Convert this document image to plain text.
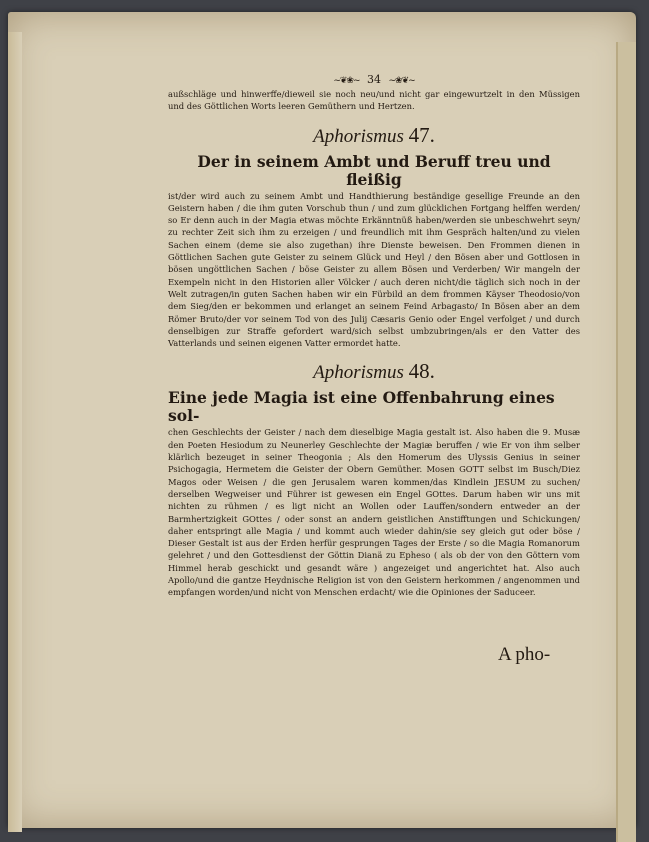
~❦❀~ 34 ~❀❦~

außschläge und hinwerffe/dieweil sie noch neu/und nicht gar eingewurtzelt in den Müssigen und des Göttlichen Worts leeren Gemüthern und Hertzen.

Aphorismus 47.
Der in seinem Ambt und Beruff treu und fleißig

ist/der wird auch zu seinem Ambt und Handthierung beständige gesellige Freunde an den Geistern haben / die ihm guten Vorschub thun / und zum glücklichen Fortgang helffen werden/ so Er denn auch in der Magia etwas möchte Erkänntnüß haben/werden sie unbeschwehrt seyn/ zu rechter Zeit sich ihm zu erzeigen / und freundlich mit ihm Gespräch halten/und zu vielen Sachen einem (deme sie also zugethan) ihre Dienste beweisen. Den Frommen dienen in Göttlichen Sachen gute Geister zu seinem Glück und Heyl / den Bösen aber und Gottlosen in bösen ungöttlichen Sachen / böse Geister zu allem Bösen und Verderben/ Wir mangeln der Exempeln nicht in den Historien aller Völcker / auch deren nicht/die täglich sich noch in der Welt zutragen/in guten Sachen haben wir ein Fürbild an dem frommen Käyser Theodosio/von dem Sieg/den er bekommen und erlanget an seinem Feind Arbagasto/ In Bösen aber an dem Römer Bruto/der vor seinem Tod von des Julij Cæsaris Genio oder Engel verfolget / und durch denselbigen zur Straffe gefordert ward/sich selbst umbzubringen/als er den Vatter des Vatterlands und seinen eigenen Vatter ermordet hatte.

Aphorismus 48.
Eine jede Magia ist eine Offenbahrung eines sol-

chen Geschlechts der Geister / nach dem dieselbige Magia gestalt ist. Also haben die 9. Musæ den Poeten Hesiodum zu Neunerley Geschlechte der Magiæ beruffen / wie Er von ihm selber klärlich bezeuget in seiner Theogonia ; Als den Homerum des Ulyssis Genius in seiner Psichogagia, Hermetem die Geister der Obern Gemüther. Mosen GOTT selbst im Busch/Diez Magos oder Weisen / die gen Jerusalem waren kommen/das Kindlein JESUM zu suchen/ derselben Wegweiser und Führer ist gewesen ein Engel GOttes. Darum haben wir uns mit nichten zu rühmen / es ligt nicht an Wollen oder Lauffen/sondern entweder an der Barmhertzigkeit GOttes / oder sonst an andern geistlichen Anstifftungen und Schickungen/ daher entspringt alle Magia / und kommt auch wieder dahin/sie sey gleich gut oder böse / Dieser Gestalt ist aus der Erden herfür gesprungen Tages der Erste / so die Magia Romanorum gelehret / und den Gottesdienst der Göttin Dianä zu Epheso ( als ob der von den Göttern vom Himmel herab geschickt und gesandt wäre ) angezeiget und angerichtet hat. Also auch Apollo/und die gantze Heydnische Religion ist von den Geistern herkommen / angenommen und empfangen worden/und nicht von Menschen erdacht/ wie die Opiniones der Saduceer.

A pho-
